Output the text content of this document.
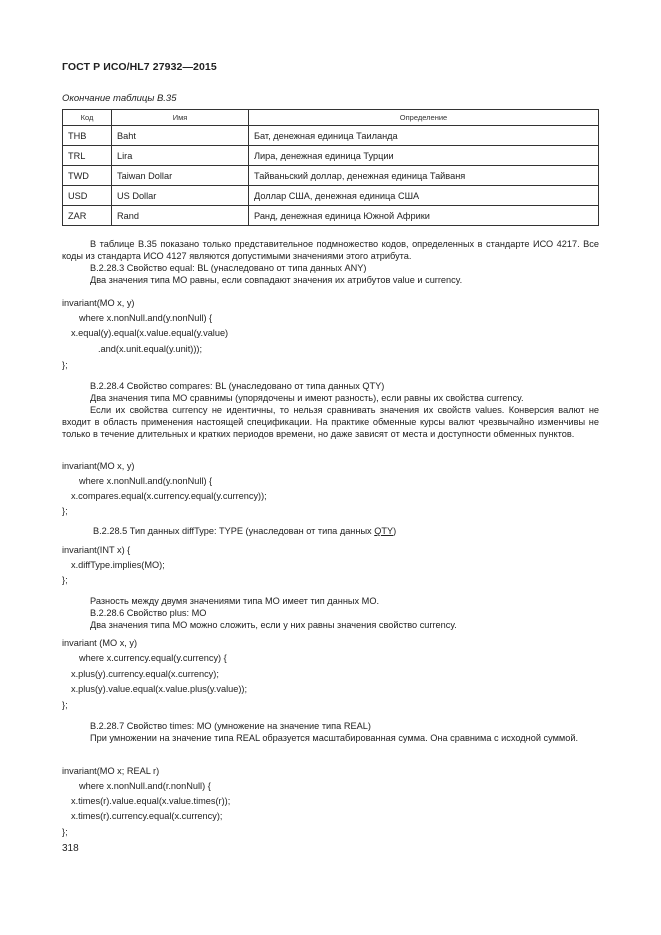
ГОСТ Р ИСО/HL7 27932—2015
Окончание таблицы В.35
Код	Имя	Определение
THB	Baht	Бат, денежная единица Таиланда
TRL	Lira	Лира, денежная единица Турции
TWD	Taiwan Dollar	Тайваньский доллар, денежная единица Тайваня
USD	US Dollar	Доллар США, денежная единица США
ZAR	Rand	Ранд, денежная единица Южной Африки
В таблице В.35 показано только представительное подмножество кодов, определенных в стандарте ИСО 4217. Все коды из стандарта ИСО 4127 являются допустимыми значениями этого атрибута.
В.2.28.3 Свойство equal: BL (унаследовано от типа данных ANY)
Два значения типа МО равны, если совпадают значения их атрибутов value и currency.
invariant(MO x, y)
where x.nonNull.and(y.nonNull) {
x.equal(y).equal(x.value.equal(y.value)
.and(x.unit.equal(y.unit)));
};
В.2.28.4 Свойство compares: BL (унаследовано от типа данных QTY)
Два значения типа МО сравнимы (упорядочены и имеют разность), если равны их свойства currency.
Если их свойства currency не идентичны, то нельзя сравнивать значения их свойств values. Конверсия валют не входит в область применения настоящей спецификации. На практике обменные курсы валют чрезвычайно изменчивы не только в течение длительных и кратких периодов времени, но даже зависят от места и доступности обменных пунктов.
invariant(MO x, y)
where x.nonNull.and(y.nonNull) {
x.compares.equal(x.currency.equal(y.currency));
};
В.2.28.5 Тип данных diffType: TYPE (унаследован от типа данных QTY)
invariant(INT x) {
x.diffType.implies(MO);
};
Разность между двумя значениями типа МО имеет тип данных МО.
В.2.28.6 Свойство plus: МО
Два значения типа МО можно сложить, если у них равны значения свойство currency.
invariant (MO x, y)
where x.currency.equal(y.currency) {
x.plus(y).currency.equal(x.currency);
x.plus(y).value.equal(x.value.plus(y.value));
};
В.2.28.7 Свойство times: МО (умножение на значение типа REAL)
При умножении на значение типа REAL образуется масштабированная сумма. Она сравнима с исходной суммой.
invariant(MO x; REAL r)
where x.nonNull.and(r.nonNull) {
x.times(r).value.equal(x.value.times(r));
x.times(r).currency.equal(x.currency);
};
318
